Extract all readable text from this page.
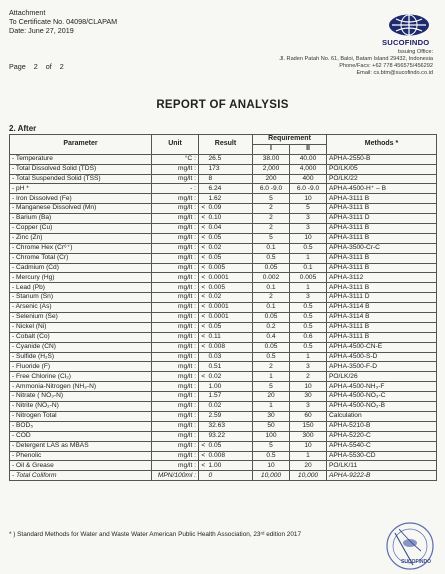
Attachment
To Certificate No. 04098/CLAPAM
Date: June 27, 2019
Page 2 of 2
SUCOFINDO
Issuing Office:
Jl. Raden Patah No. 61, Baloi, Batam Island 29432, Indonesia
Phone/Facs: +62 778 456575/456292
Email: cs.btm@sucofindo.co.id
REPORT OF ANALYSIS
2. After
Parameter	Unit	Result		Requirement		Methods *
				I	II	
- Temperature	°C :		26.5	38.00	40.00	APHA-2550-B
- Total Dissolved Solid (TDS)	mg/lt :		173	2,000	4,000	PO/LK/05
- Total Suspended Solid (TSS)	mg/lt :		8	200	400	PO/LK/22
- pH *	- :		6.24	6.0 -9.0	6.0 -9.0	APHA-4500-H⁺ – B
- Iron Dissolved (Fe)	mg/lt :		1.62	5	10	APHA-3111 B
- Manganese Dissolved (Mn)	mg/lt :	<	0.09	2	5	APHA-3111 B
- Barium (Ba)	mg/lt :	<	0.10	2	3	APHA-3111 D
- Copper (Cu)	mg/lt :	<	0.04	2	3	APHA-3111 B
- Zinc (Zn)	mg/lt :	<	0.05	5	10	APHA-3111 B
- Chrome Hex (Cr⁶⁺)	mg/lt :	<	0.02	0.1	0.5	APHA-3500-Cr-C
- Chrome Total (Cr)	mg/lt :	<	0.05	0.5	1	APHA-3111 B
- Cadmium (Cd)	mg/lt :	<	0.005	0.05	0.1	APHA-3111 B
- Mercury (Hg)	mg/lt :	<	0.0001	0.002	0.005	APHA-3112
- Lead (Pb)	mg/lt :	<	0.005	0.1	1	APHA-3111 B
- Stanum (Sn)	mg/lt :	<	0.02	2	3	APHA-3111 D
- Arsenic (As)	mg/lt :	<	0.0001	0.1	0.5	APHA-3114 B
- Selenium (Se)	mg/lt :	<	0.0001	0.05	0.5	APHA-3114 B
- Nickel (Ni)	mg/lt :	<	0.05	0.2	0.5	APHA-3111 B
- Cobalt (Co)	mg/lt :	<	0.11	0.4	0.6	APHA-3111 B
- Cyanide (CN)	mg/lt :	<	0.008	0.05	0.5	APHA-4500-CN-E
- Sulfide (H₂S)	mg/lt :		0.03	0.5	1	APHA-4500-S-D
- Fluoride (F)	mg/lt :		0.51	2	3	APHA-3500-F-D
- Free Chlorine (Cl₂)	mg/lt :	<	0.02	1	2	PO/LK/26
- Ammonia-Nitrogen (NH₃-N)	mg/lt :		1.00	5	10	APHA-4500-NH₃-F
- Nitrate ( NO₃-N)	mg/lt :		1.57	20	30	APHA-4500-NO₃-C
- Nitrite (NO₂-N)	mg/lt :		0.02	1	3	APHA-4500-NO₂-B
- Nitrogen Total	mg/lt :		2.59	30	60	Calculation
- BOD₅	mg/lt :		32.63	50	150	APHA-5210-B
- COD	mg/lt :		93.22	100	300	APHA-5220-C
- Detergent LAS as MBAS	mg/lt :	<	0.05	5	10	APHA-5540-C
- Phenolic	mg/lt :	<	0.008	0.5	1	APHA-5530-CD
- Oil & Grease	mg/lt :	<	1.00	10	20	PO/LK/11
- Total Coliform	MPN/100ml :		0	10,000	10,000	APHA-9222-B
* ) Standard Methods for Water and Waste Water American Public Health Association, 23ʳᵈ edition 2017
SUCOFINDO
